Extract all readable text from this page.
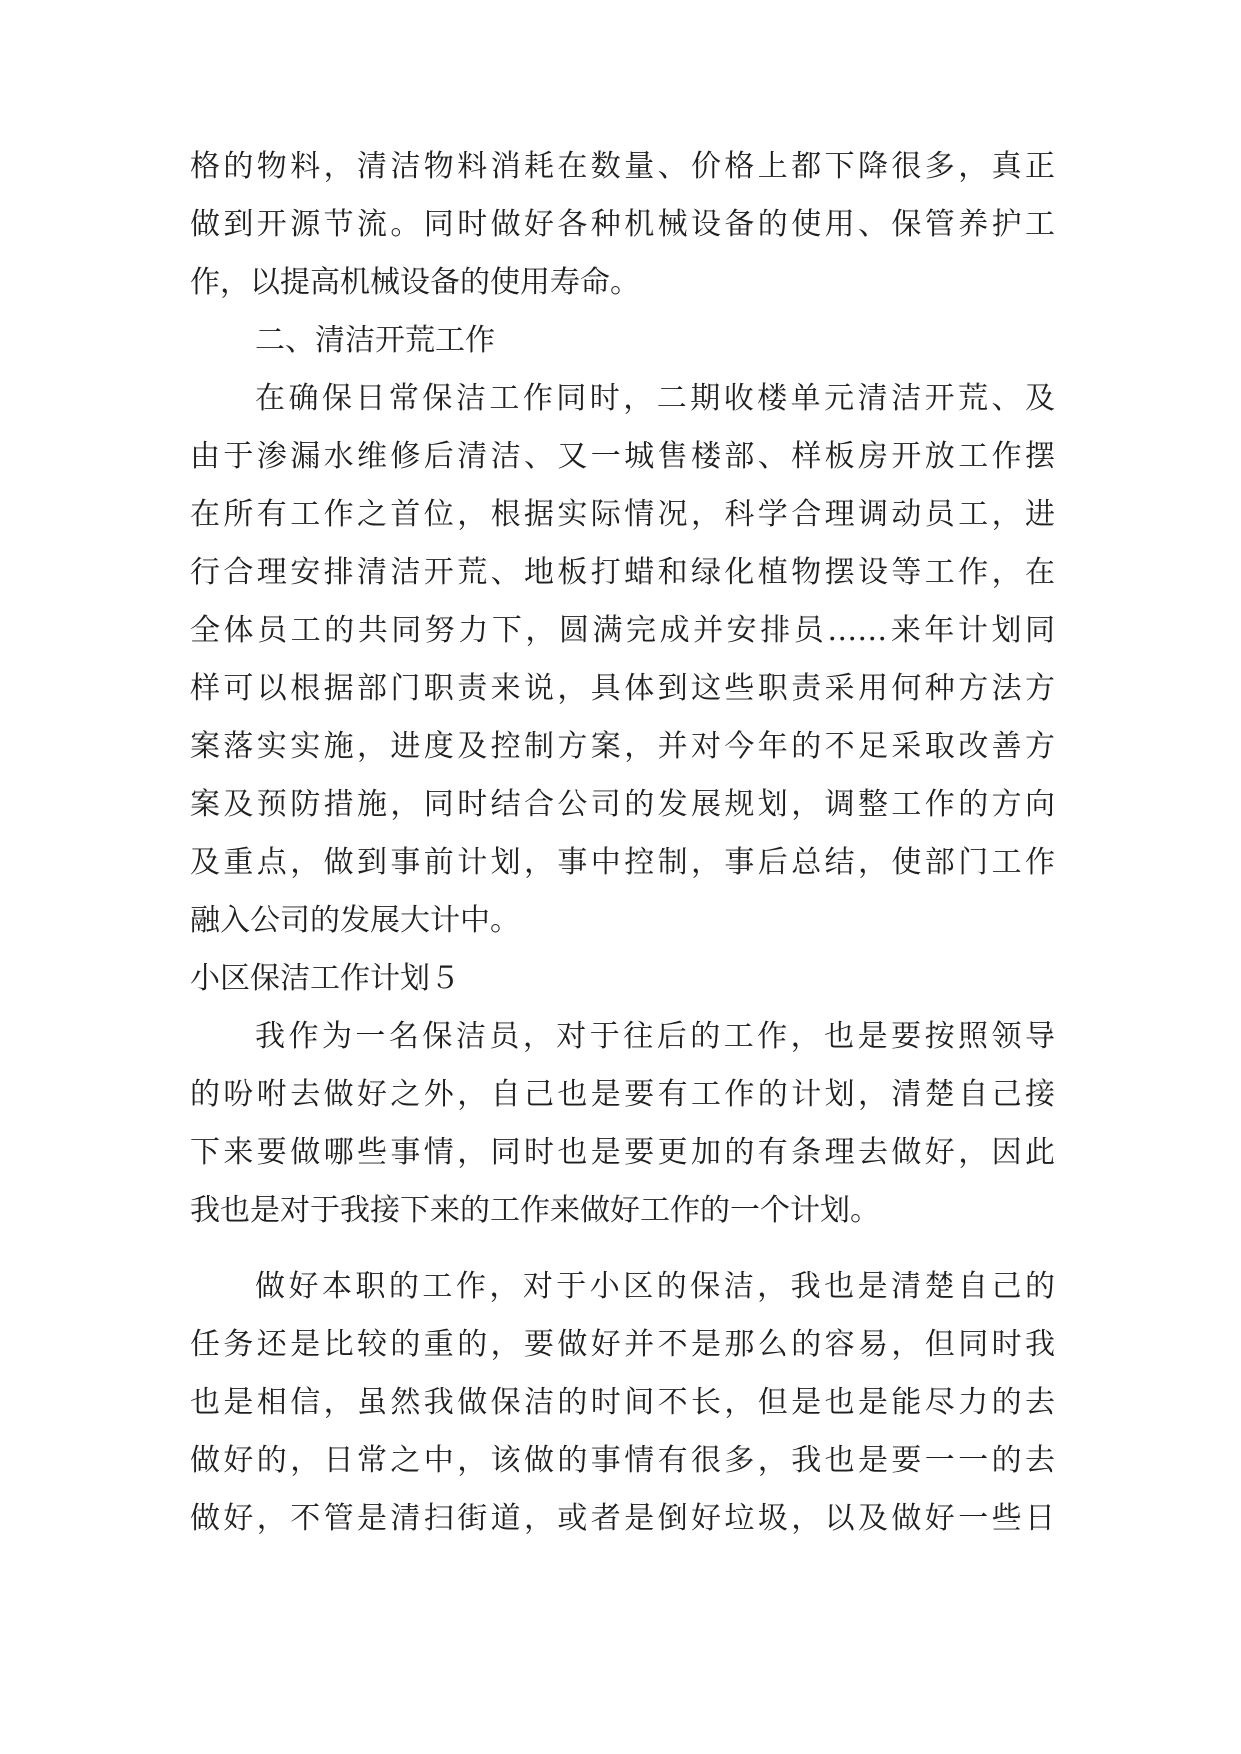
格的物料，清洁物料消耗在数量、价格上都下降很多，真正
做到开源节流。同时做好各种机械设备的使用、保管养护工
作，以提高机械设备的使用寿命。
二、清洁开荒工作
在确保日常保洁工作同时，二期收楼单元清洁开荒、及
由于渗漏水维修后清洁、又一城售楼部、样板房开放工作摆
在所有工作之首位，根据实际情况，科学合理调动员工，进
行合理安排清洁开荒、地板打蜡和绿化植物摆设等工作，在
全体员工的共同努力下，圆满完成并安排员……来年计划同
样可以根据部门职责来说，具体到这些职责采用何种方法方
案落实实施，进度及控制方案，并对今年的不足采取改善方
案及预防措施，同时结合公司的发展规划，调整工作的方向
及重点，做到事前计划，事中控制，事后总结，使部门工作
融入公司的发展大计中。
小区保洁工作计划５
我作为一名保洁员，对于往后的工作，也是要按照领导
的吩咐去做好之外，自己也是要有工作的计划，清楚自己接
下来要做哪些事情，同时也是要更加的有条理去做好，因此
我也是对于我接下来的工作来做好工作的一个计划。
做好本职的工作，对于小区的保洁，我也是清楚自己的
任务还是比较的重的，要做好并不是那么的容易，但同时我
也是相信，虽然我做保洁的时间不长，但是也是能尽力的去
做好的，日常之中，该做的事情有很多，我也是要一一的去
做好，不管是清扫街道，或者是倒好垃圾，以及做好一些日
